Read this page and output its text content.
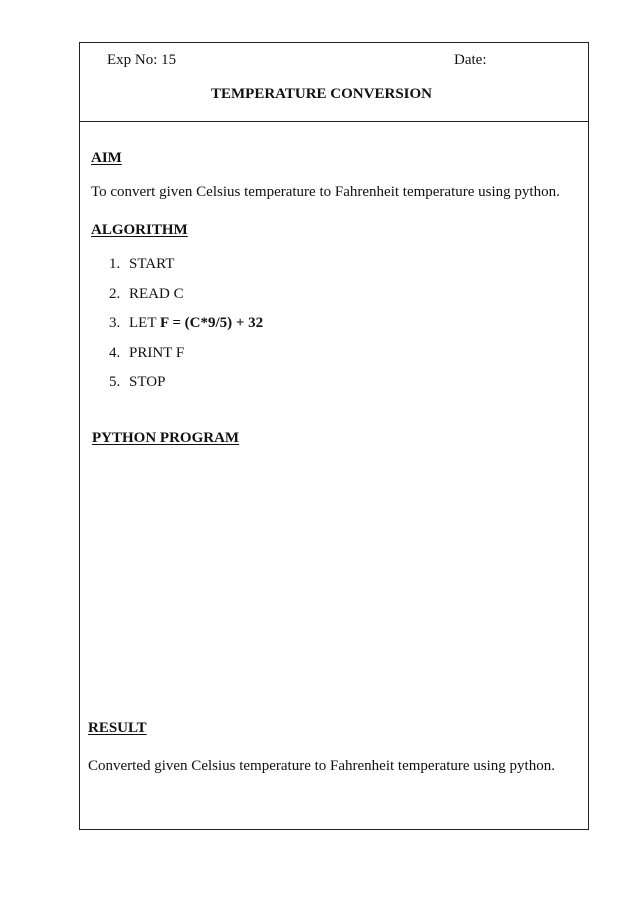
Exp No: 15	Date:
TEMPERATURE CONVERSION
AIM
To convert given Celsius temperature to Fahrenheit temperature using python.
ALGORITHM
1. START
2. READ C
3. LET F = (C*9/5) + 32
4. PRINT F
5. STOP
PYTHON PROGRAM
RESULT
Converted given Celsius temperature to Fahrenheit temperature using python.
